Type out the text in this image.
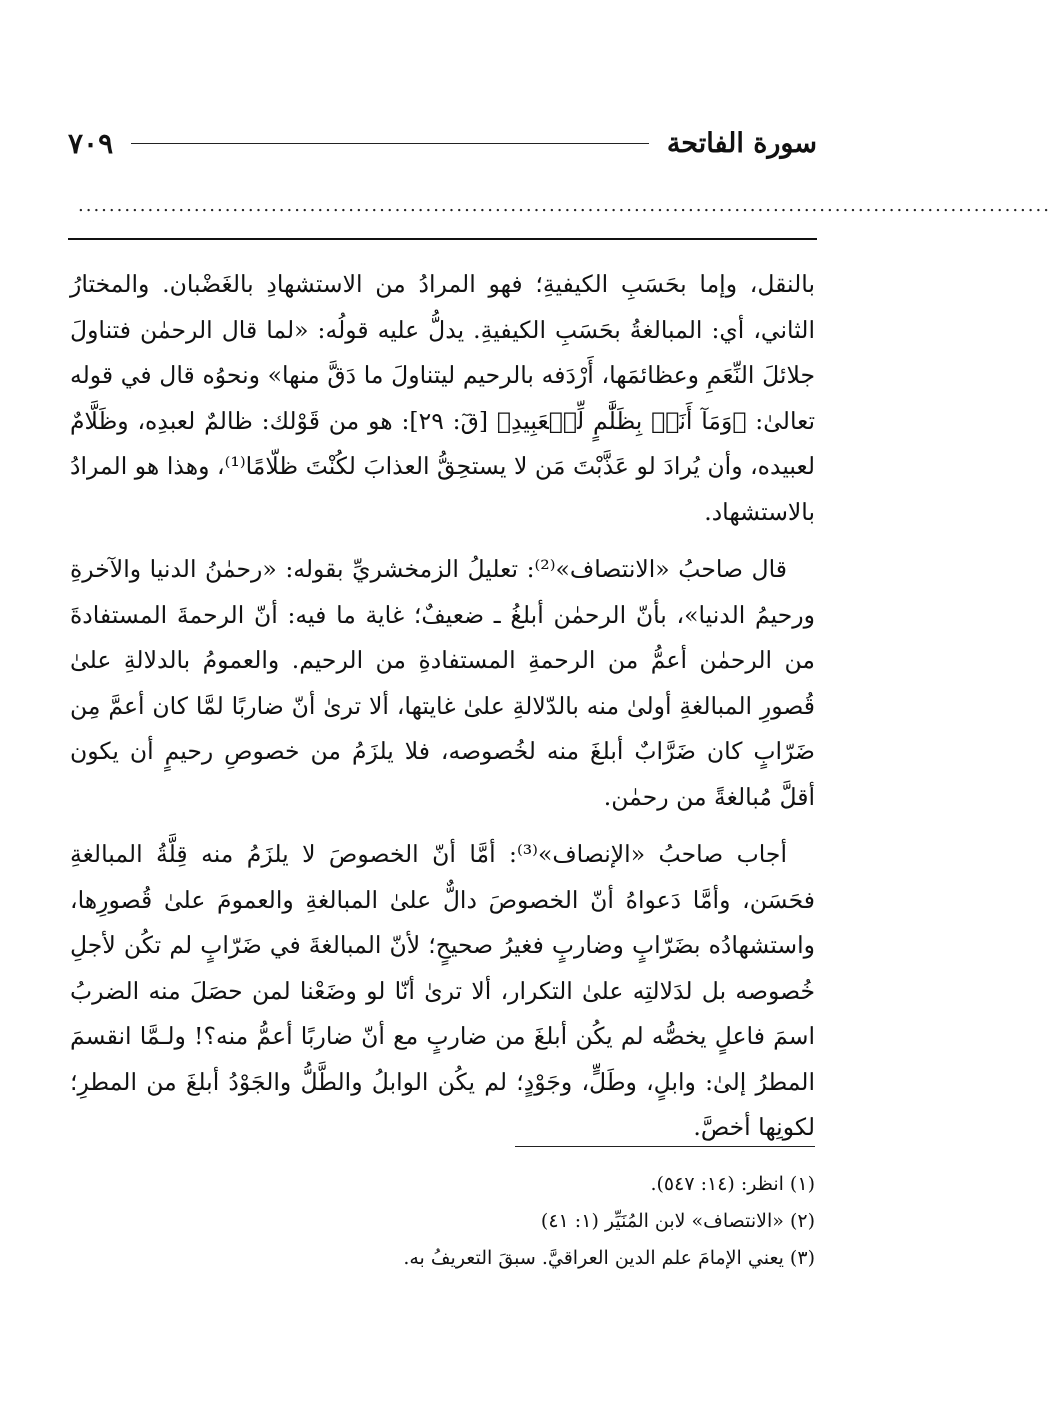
سورة الفاتحة
٧٠٩
..............................................................................................................................

بالنقل، وإما بحَسَبِ الكيفيةِ؛ فهو المرادُ من الاستشهادِ بالغَضْبان. والمختارُ الثاني، أي: المبالغةُ بحَسَبِ الكيفيةِ. يدلُّ عليه قولُه: «لما قال الرحمٰن فتناولَ جلائلَ النِّعَمِ وعظائمَها، أَرْدَفه بالرحيم ليتناولَ ما دَقَّ منها» ونحوُه قال في قوله تعالىٰ: ﴿وَمَآ أَنَا۠ بِظَلَّٰمٍ لِّلۡعَبِيدِ﴾ [قٓ: ٢٩]: هو من قَوْلك: ظالمٌ لعبدِه، وظَلَّامٌ لعبيده، وأن يُرادَ لو عَذَّبْتَ مَن لا يستحِقُّ العذابَ لكُنْتَ ظلّامًا⁽¹⁾، وهذا هو المرادُ بالاستشهاد.

قال صاحبُ «الانتصاف»⁽²⁾: تعليلُ الزمخشريِّ بقوله: «رحمٰنُ الدنيا والآخرةِ ورحيمُ الدنيا»، بأنّ الرحمٰن أبلغُ ـ ضعيفٌ؛ غاية ما فيه: أنّ الرحمةَ المستفادةَ من الرحمٰن أعمُّ من الرحمةِ المستفادةِ من الرحيم. والعمومُ بالدلالةِ علىٰ قُصورِ المبالغةِ أولىٰ منه بالدّلالةِ علىٰ غايتها، ألا ترىٰ أنّ ضاربًا لمَّا كان أعمَّ مِن ضَرّابٍ كان ضَرَّابٌ أبلغَ منه لخُصوصه، فلا يلزَمُ من خصوصِ رحيمٍ أن يكون أقلَّ مُبالغةً من رحمٰن.

أجاب صاحبُ «الإنصاف»⁽³⁾: أمَّا أنّ الخصوصَ لا يلزَمُ منه قِلَّةُ المبالغةِ فحَسَن، وأمَّا دَعواهُ أنّ الخصوصَ دالٌّ علىٰ المبالغةِ والعمومَ علىٰ قُصورِها، واستشهادُه بضَرّابٍ وضاربٍ فغيرُ صحيحٍ؛ لأنّ المبالغةَ في ضَرّابٍ لم تكُن لأجلِ خُصوصه بل لدَلالتِه علىٰ التكرار، ألا ترىٰ أنّا لو وضَعْنا لمن حصَلَ منه الضربُ اسمَ فاعلٍ يخصُّه لم يكُن أبلغَ من ضاربٍ مع أنّ ضاربًا أعمُّ منه؟! ولـمَّا انقسمَ المطرُ إلىٰ: وابلٍ، وطَلٍّ، وجَوْدٍ؛ لم يكُن الوابلُ والطَّلُّ والجَوْدُ أبلغَ من المطرِ؛ لكونِها أخصَّ.

(١) انظر: (١٤: ٥٤٧).
(٢) «الانتصاف» لابن المُنَيِّر (١: ٤١)
(٣) يعني الإمامَ علم الدين العراقيَّ. سبقَ التعريفُ به.
